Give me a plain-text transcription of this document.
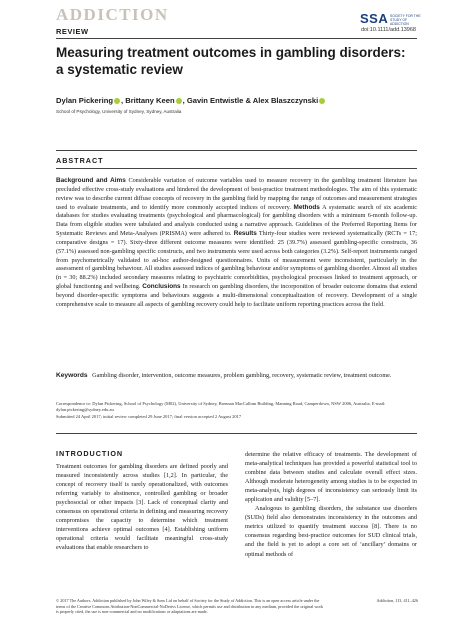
ADDICTION	SSA SOCIETY FOR THE STUDY OF ADDICTION
REVIEW	doi:10.1111/add.13968
Measuring treatment outcomes in gambling disorders: a systematic review
Dylan Pickering , Brittany Keen , Gavin Entwistle & Alex Blaszczynski
School of Psychology, University of Sydney, Sydney, Australia
ABSTRACT
Background and Aims Considerable variation of outcome variables used to measure recovery in the gambling treatment literature has precluded effective cross-study evaluations and hindered the development of best-practice treatment methodologies. The aim of this systematic review was to describe current diffuse concepts of recovery in the gambling field by mapping the range of outcomes and measurement strategies used to evaluate treatments, and to identify more commonly accepted indices of recovery. Methods A systematic search of six academic databases for studies evaluating treatments (psychological and pharmacological) for gambling disorders with a minimum 6-month follow-up. Data from eligible studies were tabulated and analysis conducted using a narrative approach. Guidelines of the Preferred Reporting Items for Systematic Reviews and Meta-Analyses (PRISMA) were adhered to. Results Thirty-four studies were reviewed systematically (RCTs = 17; comparative designs = 17). Sixty-three different outcome measures were identified: 25 (39.7%) assessed gambling-specific constructs, 36 (57.1%) assessed non-gambling specific constructs, and two instruments were used across both categories (3.2%). Self-report instruments ranged from psychometrically validated to ad-hoc author-designed questionnaires. Units of measurement were inconsistent, particularly in the assessment of gambling behaviour. All studies assessed indices of gambling behaviour and/or symptoms of gambling disorder. Almost all studies (n = 30; 88.2%) included secondary measures relating to psychiatric comorbidities, psychological processes linked to treatment approach, or global functioning and wellbeing. Conclusions In research on gambling disorders, the incorporation of broader outcome domains that extend beyond disorder-specific symptoms and behaviours suggests a multi-dimensional conceptualization of recovery. Development of a single comprehensive scale to measure all aspects of gambling recovery could help to facilitate uniform reporting practices across the field.
Keywords Gambling disorder, intervention, outcome measures, problem gambling, recovery, systematic review, treatment outcome.

Correspondence to: Dylan Pickering, School of Psychology (M02), University of Sydney, Brennan MacCallum Building, Manning Road, Camperdown, NSW 2006, Australia. E-mail: dylan.pickering@sydney.edu.au

Submitted 24 April 2017; initial review completed 29 June 2017; final version accepted 2 August 2017

INTRODUCTION

Treatment outcomes for gambling disorders are defined poorly and measured inconsistently across studies [1,2]. In particular, the concept of recovery itself is rarely operationalized, with outcomes referring variably to abstinence, controlled gambling or broader psychosocial or other impacts [3]. Lack of conceptual clarity and consensus on operational criteria in defining and measuring recovery compromises the capacity to determine which treatment interventions achieve optimal outcomes [4]. Establishing uniform operational criteria would facilitate meaningful cross-study evaluations that enable researchers to

determine the relative efficacy of treatments. The development of meta-analytical techniques has provided a powerful statistical tool to combine data between studies and calculate overall effect sizes. Although moderate heterogeneity among studies is to be expected in meta-analysis, high degrees of inconsistency can seriously limit its application and validity [5–7].

Analogous to gambling disorders, the substance use disorders (SUDs) field also demonstrates inconsistency in the outcomes and metrics utilized to quantify treatment success [8]. There is no consensus regarding best-practice outcomes for SUD clinical trials, and the field is yet to adopt a core set of ‘ancillary’ domains or optimal methods of

© 2017 The Authors. Addiction published by John Wiley & Sons Ltd on behalf of Society for the Study of Addiction. This is an open access article under the terms of the Creative Commons Attribution-NonCommercial-NoDerivs License, which permits use and distribution in any medium, provided the original work is properly cited, the use is non-commercial and no modifications or adaptations are made.
Addiction, 113, 411–426
